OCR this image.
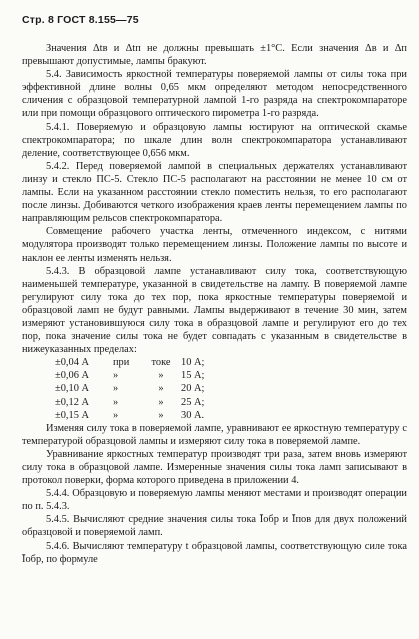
Стр. 8 ГОСТ 8.155—75

Значения Δtв и Δtп не должны превышать ±1°С. Если значения Δв и Δп превышают допустимые, лампы бракуют.

5.4. Зависимость яркостной температуры поверяемой лампы от силы тока при эффективной длине волны 0,65 мкм определяют методом непосредственного сличения с образцовой температурной лампой 1-го разряда на спектрокомпараторе или при помощи образцового оптического пирометра 1-го разряда.

5.4.1. Поверяемую и образцовую лампы юстируют на оптической скамье спектрокомпаратора; по шкале длин волн спектрокомпаратора устанавливают деление, соответствующее 0,656 мкм.

5.4.2. Перед поверяемой лампой в специальных держателях устанавливают линзу и стекло ПС-5. Стекло ПС-5 располагают на расстоянии не менее 10 см от лампы. Если на указанном расстоянии стекло поместить нельзя, то его располагают после линзы. Добиваются четкого изображения краев ленты перемещением лампы по направляющим рельсов спектрокомпаратора.

Совмещение рабочего участка ленты, отмеченного индексом, с нитями модулятора производят только перемещением линзы. Положение лампы по высоте и наклон ее ленты изменять нельзя.

5.4.3. В образцовой лампе устанавливают силу тока, соответствующую наименьшей температуре, указанной в свидетельстве на лампу. В поверяемой лампе регулируют силу тока до тех пор, пока яркостные температуры поверяемой и образцовой ламп не будут равными. Лампы выдерживают в течение 30 мин, затем измеряют установившуюся силу тока в образцовой лампе и регулируют его до тех пор, пока значение силы тока не будет совпадать с указанным в свидетельстве в нижеуказанных пределах:

±0,04 А	при	токе	10 А;
±0,06 А	»	»	15 А;
±0,10 А	»	»	20 А;
±0,12 А	»	»	25 А;
±0,15 А	»	»	30 А.

Изменяя силу тока в поверяемой лампе, уравнивают ее яркостную температуру с температурой образцовой лампы и измеряют силу тока в поверяемой лампе.

Уравнивание яркостных температур производят три раза, затем вновь измеряют силу тока в образцовой лампе. Измеренные значения силы тока ламп записывают в протокол поверки, форма которого приведена в приложении 4.

5.4.4. Образцовую и поверяемую лампы меняют местами и производят операции по п. 5.4.3.

5.4.5. Вычисляют средние значения силы тока Īобр и Īпов для двух положений образцовой и поверяемой ламп.

5.4.6. Вычисляют температуру t образцовой лампы, соответствующую силе тока Īобр, по формуле
